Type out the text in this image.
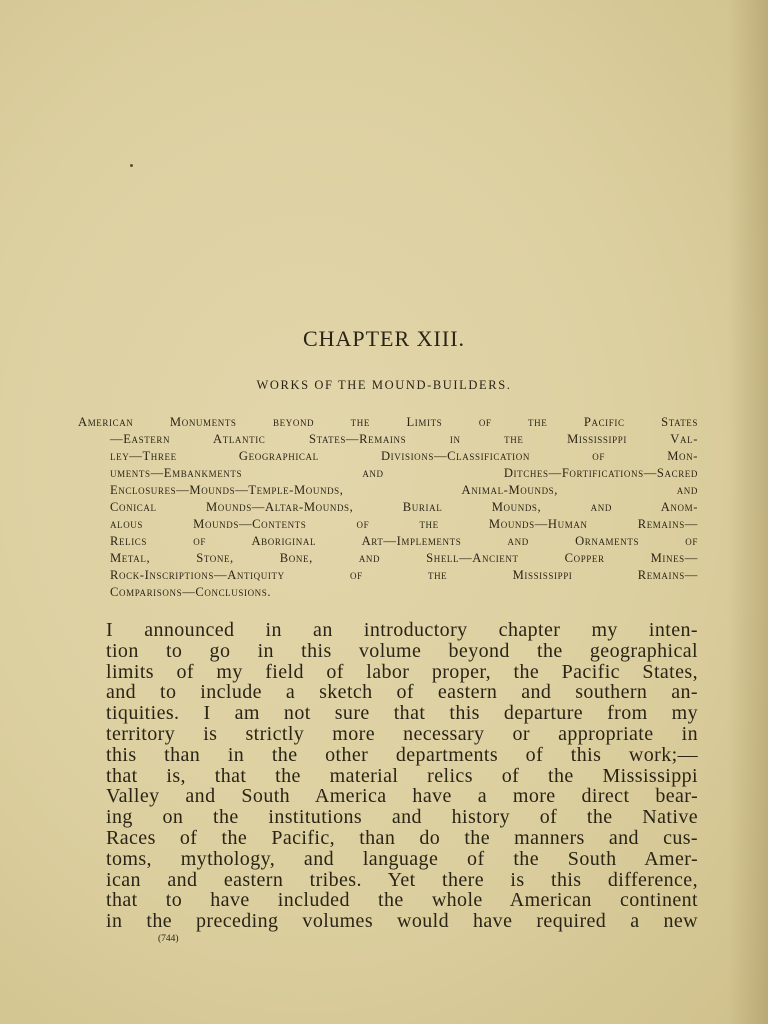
CHAPTER XIII.
WORKS OF THE MOUND-BUILDERS.
American Monuments beyond the Limits of the Pacific States
—Eastern Atlantic States—Remains in the Mississippi Val-
ley—Three Geographical Divisions—Classification of Mon-
uments—Embankments and Ditches—Fortifications—Sacred
Enclosures—Mounds—Temple-Mounds, Animal-Mounds, and
Conical Mounds—Altar-Mounds, Burial Mounds, and Anom-
alous Mounds—Contents of the Mounds—Human Remains—
Relics of Aboriginal Art—Implements and Ornaments of
Metal, Stone, Bone, and Shell—Ancient Copper Mines—
Rock-Inscriptions—Antiquity of the Mississippi Remains—
Comparisons—Conclusions.
I announced in an introductory chapter my inten-
tion to go in this volume beyond the geographical
limits of my field of labor proper, the Pacific States,
and to include a sketch of eastern and southern an-
tiquities. I am not sure that this departure from my
territory is strictly more necessary or appropriate in
this than in the other departments of this work;—
that is, that the material relics of the Mississippi
Valley and South America have a more direct bear-
ing on the institutions and history of the Native
Races of the Pacific, than do the manners and cus-
toms, mythology, and language of the South Amer-
ican and eastern tribes. Yet there is this difference,
that to have included the whole American continent
in the preceding volumes would have required a new
(744)
